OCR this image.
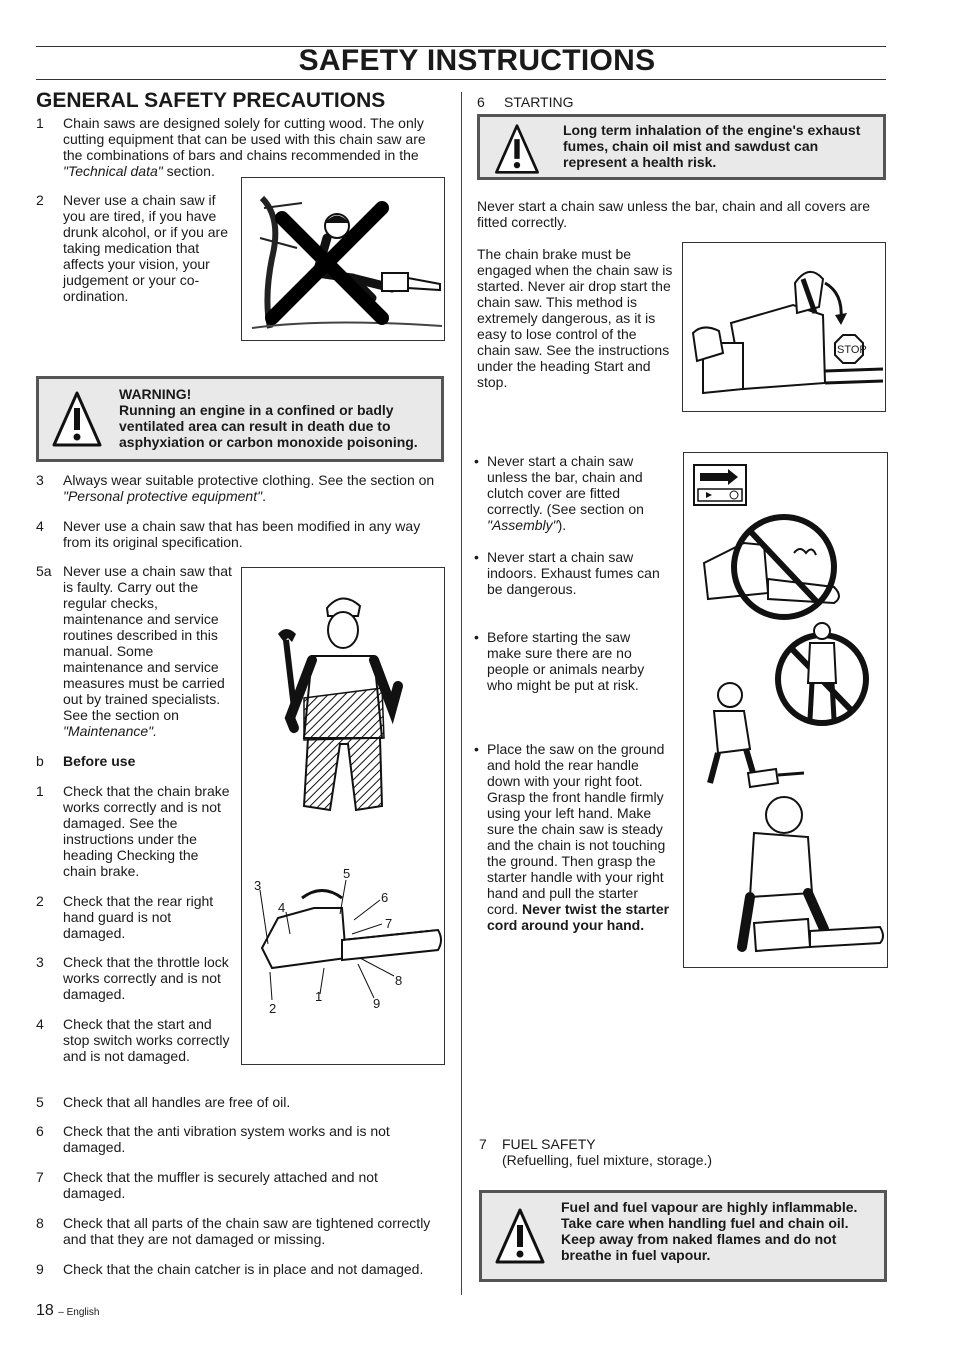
SAFETY INSTRUCTIONS
GENERAL SAFETY PRECAUTIONS
1 Chain saws are designed solely for cutting wood. The only cutting equipment that can be used with this chain saw are the combinations of bars and chains recommended in the "Technical data" section.
2 Never use a chain saw if you are tired, if you have drunk alcohol, or if you are taking medication that affects your vision, your judgement or your co-ordination.
WARNING!
Running an engine in a confined or badly ventilated area can result in death due to asphyxiation or carbon monoxide poisoning.
3 Always wear suitable protective clothing. See the section on "Personal protective equipment".
4 Never use a chain saw that has been modified in any way from its original specification.
5a Never use a chain saw that is faulty. Carry out the regular checks, maintenance and service routines described in this manual. Some maintenance and service measures must be carried out by trained specialists. See the section on "Maintenance".
b Before use
1 Check that the chain brake works correctly and is not damaged. See the instructions under the heading Checking the chain brake.
2 Check that the rear right hand guard is not damaged.
3 Check that the throttle lock works correctly and is not damaged.
4 Check that the start and stop switch works correctly and is not damaged.
3
4
5
6
7
8
9
1
2
5 Check that all handles are free of oil.
6 Check that the anti vibration system works and is not damaged.
7 Check that the muffler is securely attached and not damaged.
8 Check that all parts of the chain saw are tightened correctly and that they are not damaged or missing.
9 Check that the chain catcher is in place and not damaged.
6 STARTING
Long term inhalation of the engine's exhaust fumes, chain oil mist and sawdust can represent a health risk.
Never start a chain saw unless the bar, chain and all covers are fitted correctly.
The chain brake must be engaged when the chain saw is started. Never air drop start the chain saw. This method is extremely dangerous, as it is easy to lose control of the chain saw. See the instructions under the heading Start and stop.
STOP
• Never start a chain saw unless the bar, chain and clutch cover are fitted correctly. (See section on "Assembly").
• Never start a chain saw indoors. Exhaust fumes can be dangerous.
• Before starting the saw make sure there are no people or animals nearby who might be put at risk.
• Place the saw on the ground and hold the rear handle down with your right foot. Grasp the front handle firmly using your left hand. Make sure the chain saw is steady and the chain is not touching the ground. Then grasp the starter handle with your right hand and pull the starter cord. Never twist the starter cord around your hand.
7 FUEL SAFETY
(Refuelling, fuel mixture, storage.)
Fuel and fuel vapour are highly inflammable. Take care when handling fuel and chain oil. Keep away from naked flames and do not breathe in fuel vapour.
18 – English
